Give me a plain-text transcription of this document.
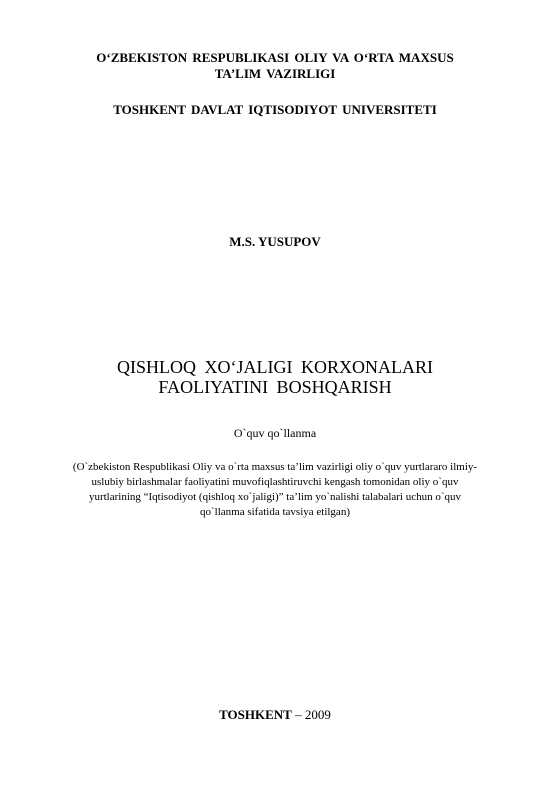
O‘ZBEKISTON RESPUBLIKASI OLIY VA O‘RTA MAXSUS
TA’LIM VAZIRLIGI
TOSHKENT DAVLAT IQTISODIYOT UNIVERSITETI
M.S. YUSUPOV
QISHLOQ XO‘JALIGI KORXONALARI
FAOLIYATINI BOSHQARISH
O`quv qo`llanma
(O`zbekiston Respublikasi Oliy va o`rta maxsus ta’lim vazirligi oliy o`quv yurtlararo ilmiy-
uslubiy birlashmalar faoliyatini muvofiqlashtiruvchi kengash tomonidan oliy o`quv
yurtlarining “Iqtisodiyot (qishloq xo`jaligi)” ta’lim yo`nalishi talabalari uchun o`quv
qo`llanma sifatida tavsiya etilgan)
TOSHKENT – 2009
